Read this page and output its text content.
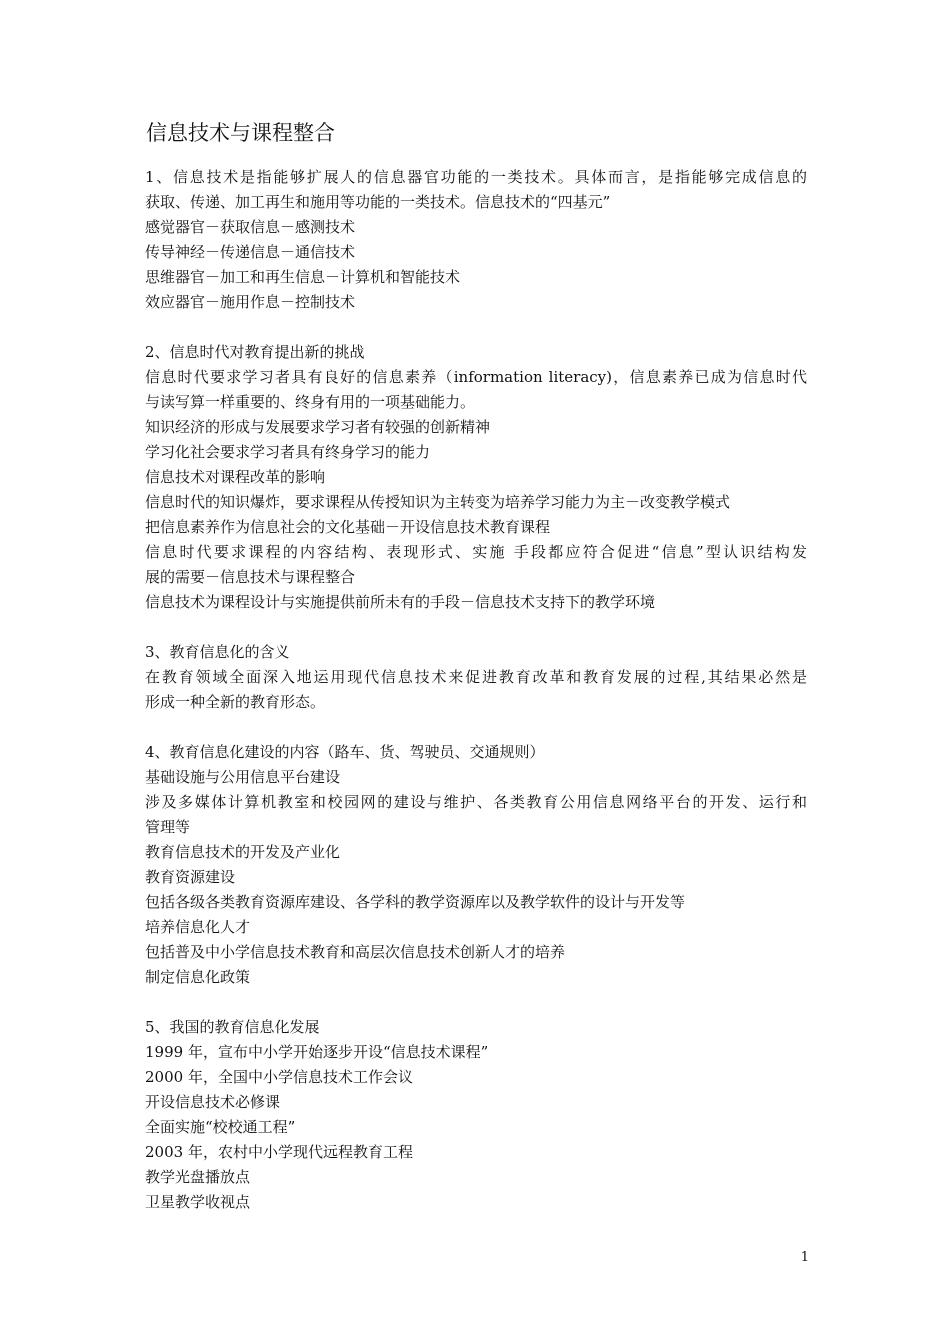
信息技术与课程整合
1、信息技术是指能够扩展人的信息器官功能的一类技术。具体而言，是指能够完成信息的
获取、传递、加工再生和施用等功能的一类技术。信息技术的“四基元”
感觉器官－获取信息－感测技术
传导神经－传递信息－通信技术
思维器官－加工和再生信息－计算机和智能技术
效应器官－施用作息－控制技术
2、信息时代对教育提出新的挑战
信息时代要求学习者具有良好的信息素养（information literacy)，信息素养已成为信息时代
与读写算一样重要的、终身有用的一项基础能力。
知识经济的形成与发展要求学习者有较强的创新精神
学习化社会要求学习者具有终身学习的能力
信息技术对课程改革的影响
信息时代的知识爆炸，要求课程从传授知识为主转变为培养学习能力为主－改变教学模式
把信息素养作为信息社会的文化基础－开设信息技术教育课程
信息时代要求课程的内容结构、表现形式、实施 手段都应符合促进“信息”型认识结构发
展的需要－信息技术与课程整合
信息技术为课程设计与实施提供前所未有的手段－信息技术支持下的教学环境
3、教育信息化的含义
在教育领域全面深入地运用现代信息技术来促进教育改革和教育发展的过程,其结果必然是
形成一种全新的教育形态。
4、教育信息化建设的内容（路车、货、驾驶员、交通规则）
基础设施与公用信息平台建设
涉及多媒体计算机教室和校园网的建设与维护、各类教育公用信息网络平台的开发、运行和
管理等
教育信息技术的开发及产业化
教育资源建设
包括各级各类教育资源库建设、各学科的教学资源库以及教学软件的设计与开发等
培养信息化人才
包括普及中小学信息技术教育和高层次信息技术创新人才的培养
制定信息化政策
5、我国的教育信息化发展
1999 年，宣布中小学开始逐步开设“信息技术课程”
2000 年，全国中小学信息技术工作会议
开设信息技术必修课
全面实施“校校通工程”
2003 年，农村中小学现代远程教育工程
教学光盘播放点
卫星教学收视点
1
